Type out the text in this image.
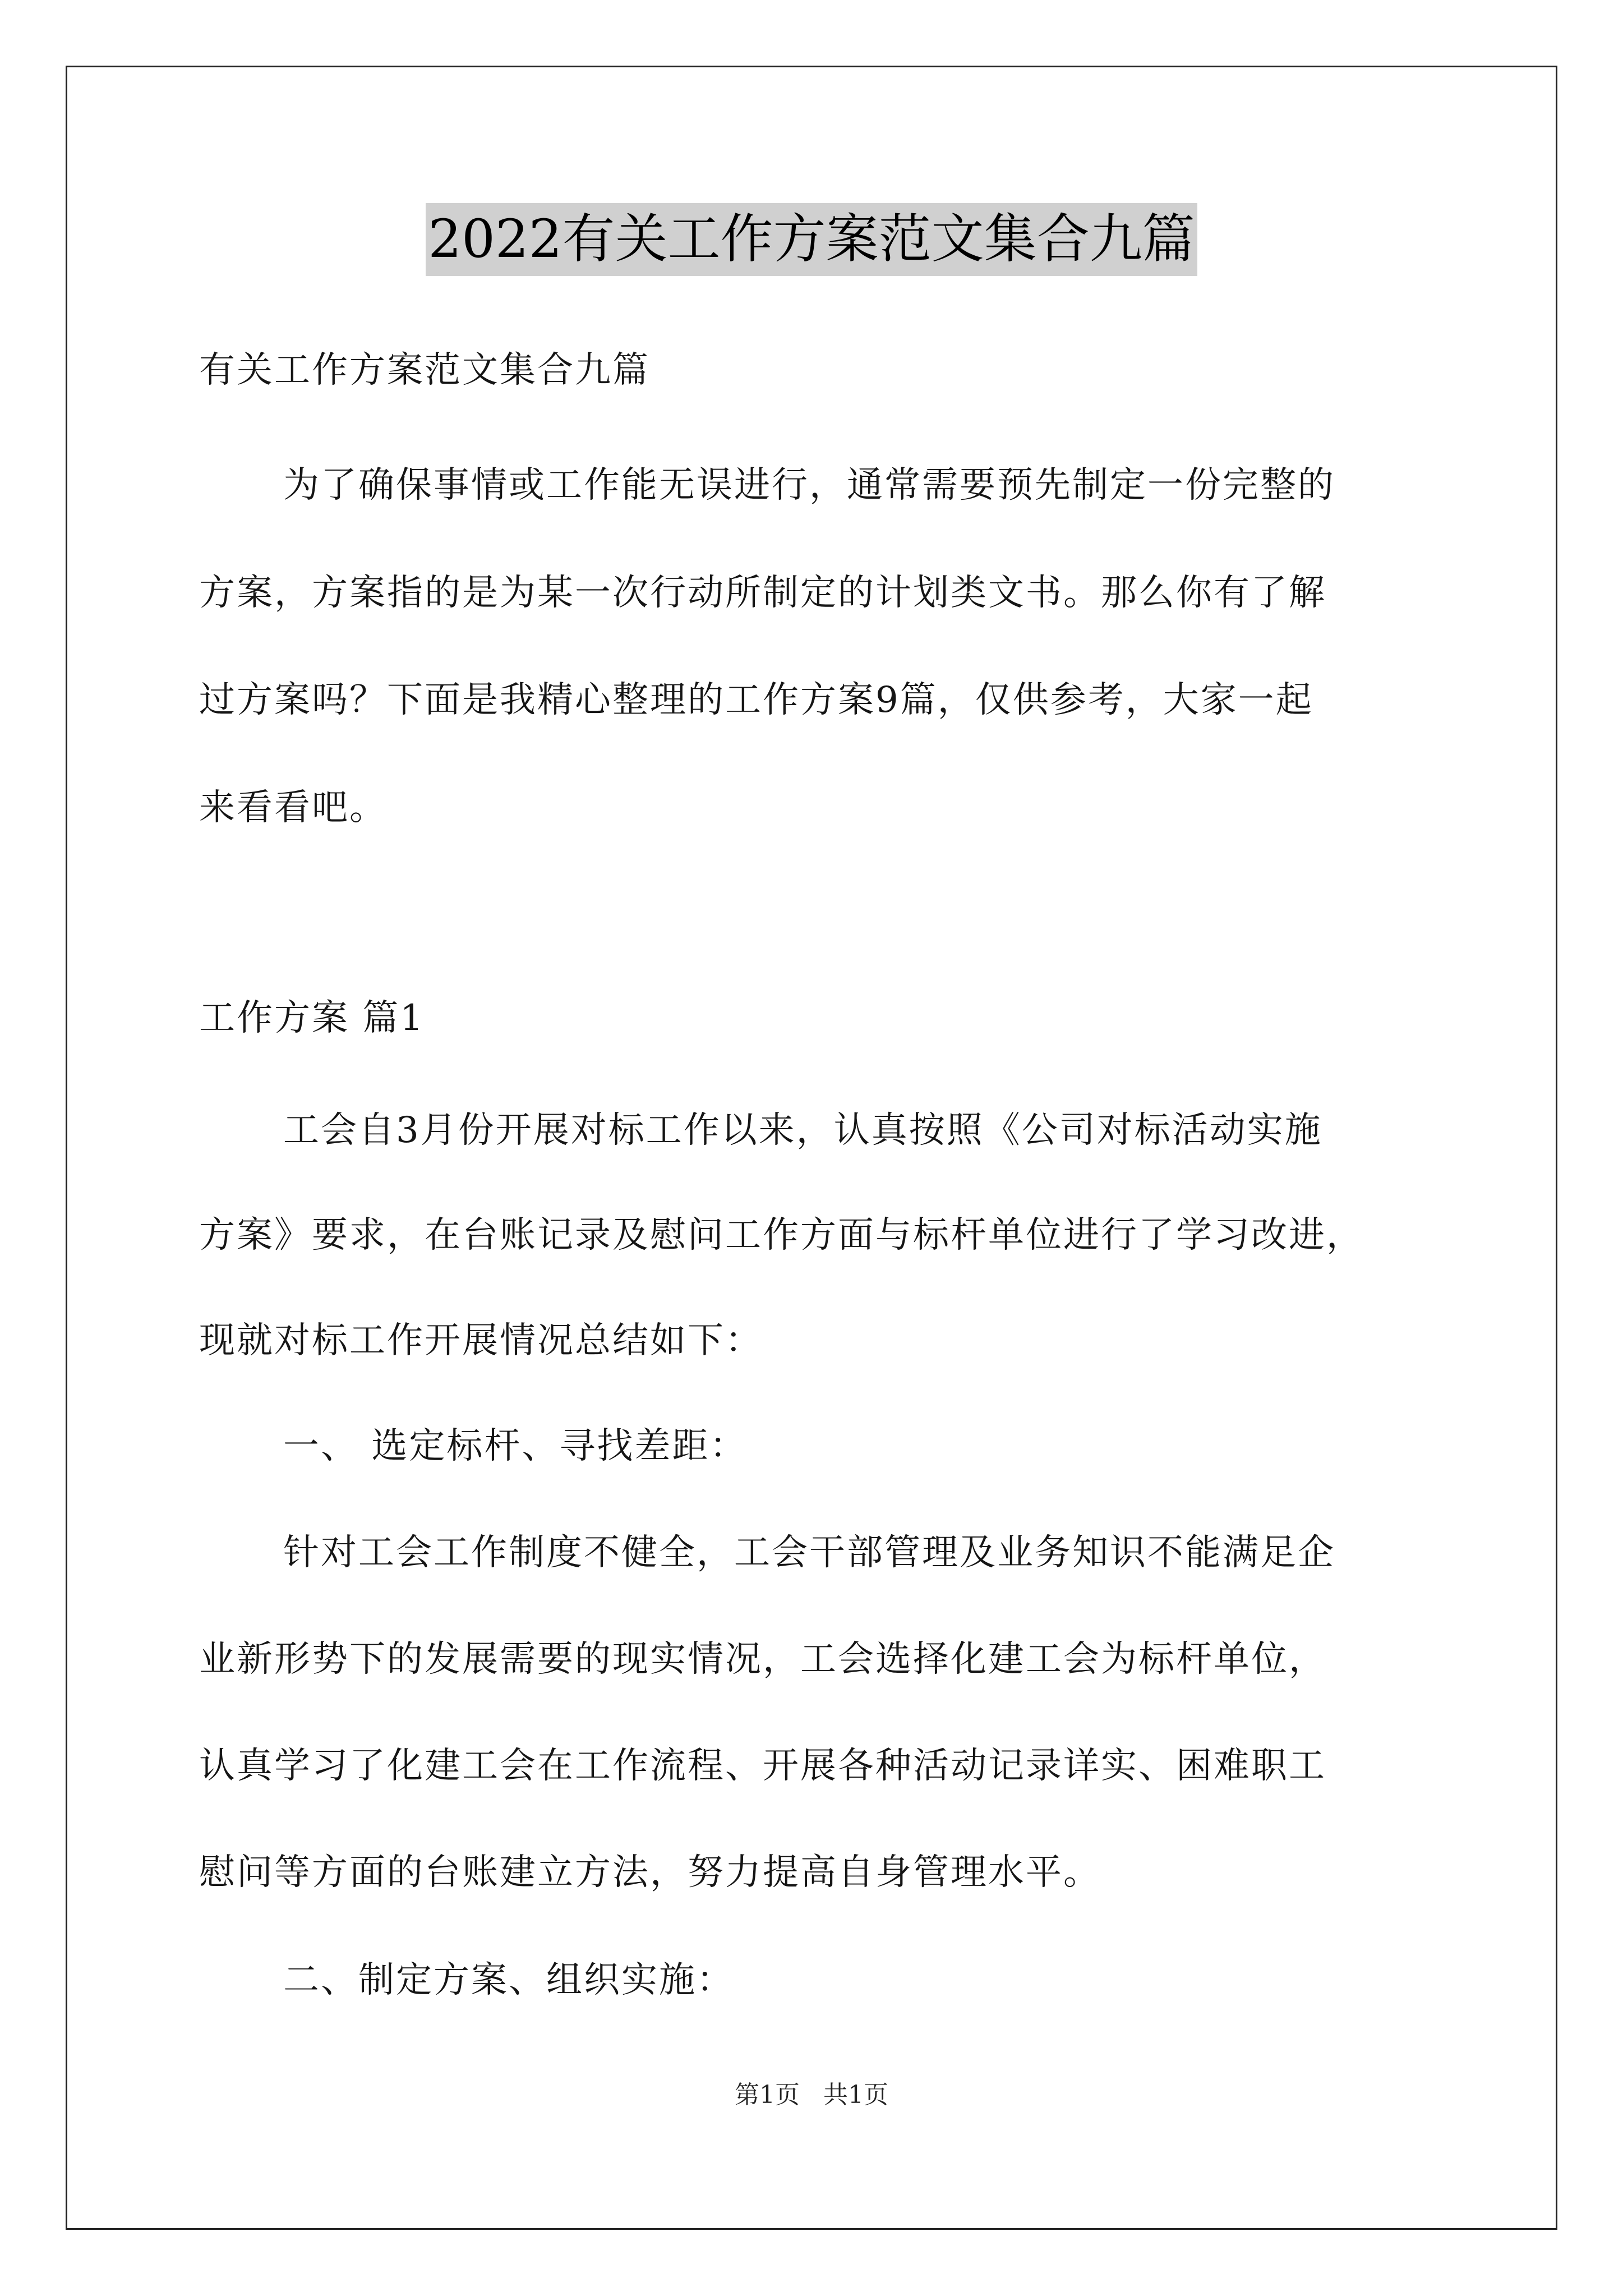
2022有关工作方案范文集合九篇
有关工作方案范文集合九篇
为了确保事情或工作能无误进行，通常需要预先制定一份完整的
方案，方案指的是为某一次行动所制定的计划类文书。那么你有了解
过方案吗？下面是我精心整理的工作方案9篇，仅供参考，大家一起
来看看吧。
工作方案 篇1
工会自3月份开展对标工作以来，认真按照《公司对标活动实施
方案》要求，在台账记录及慰问工作方面与标杆单位进行了学习改进，
现就对标工作开展情况总结如下：
一、 选定标杆、寻找差距：
针对工会工作制度不健全，工会干部管理及业务知识不能满足企
业新形势下的发展需要的现实情况，工会选择化建工会为标杆单位，
认真学习了化建工会在工作流程、开展各种活动记录详实、困难职工
慰问等方面的台账建立方法，努力提高自身管理水平。
二、制定方案、组织实施：
第1页   共1页
